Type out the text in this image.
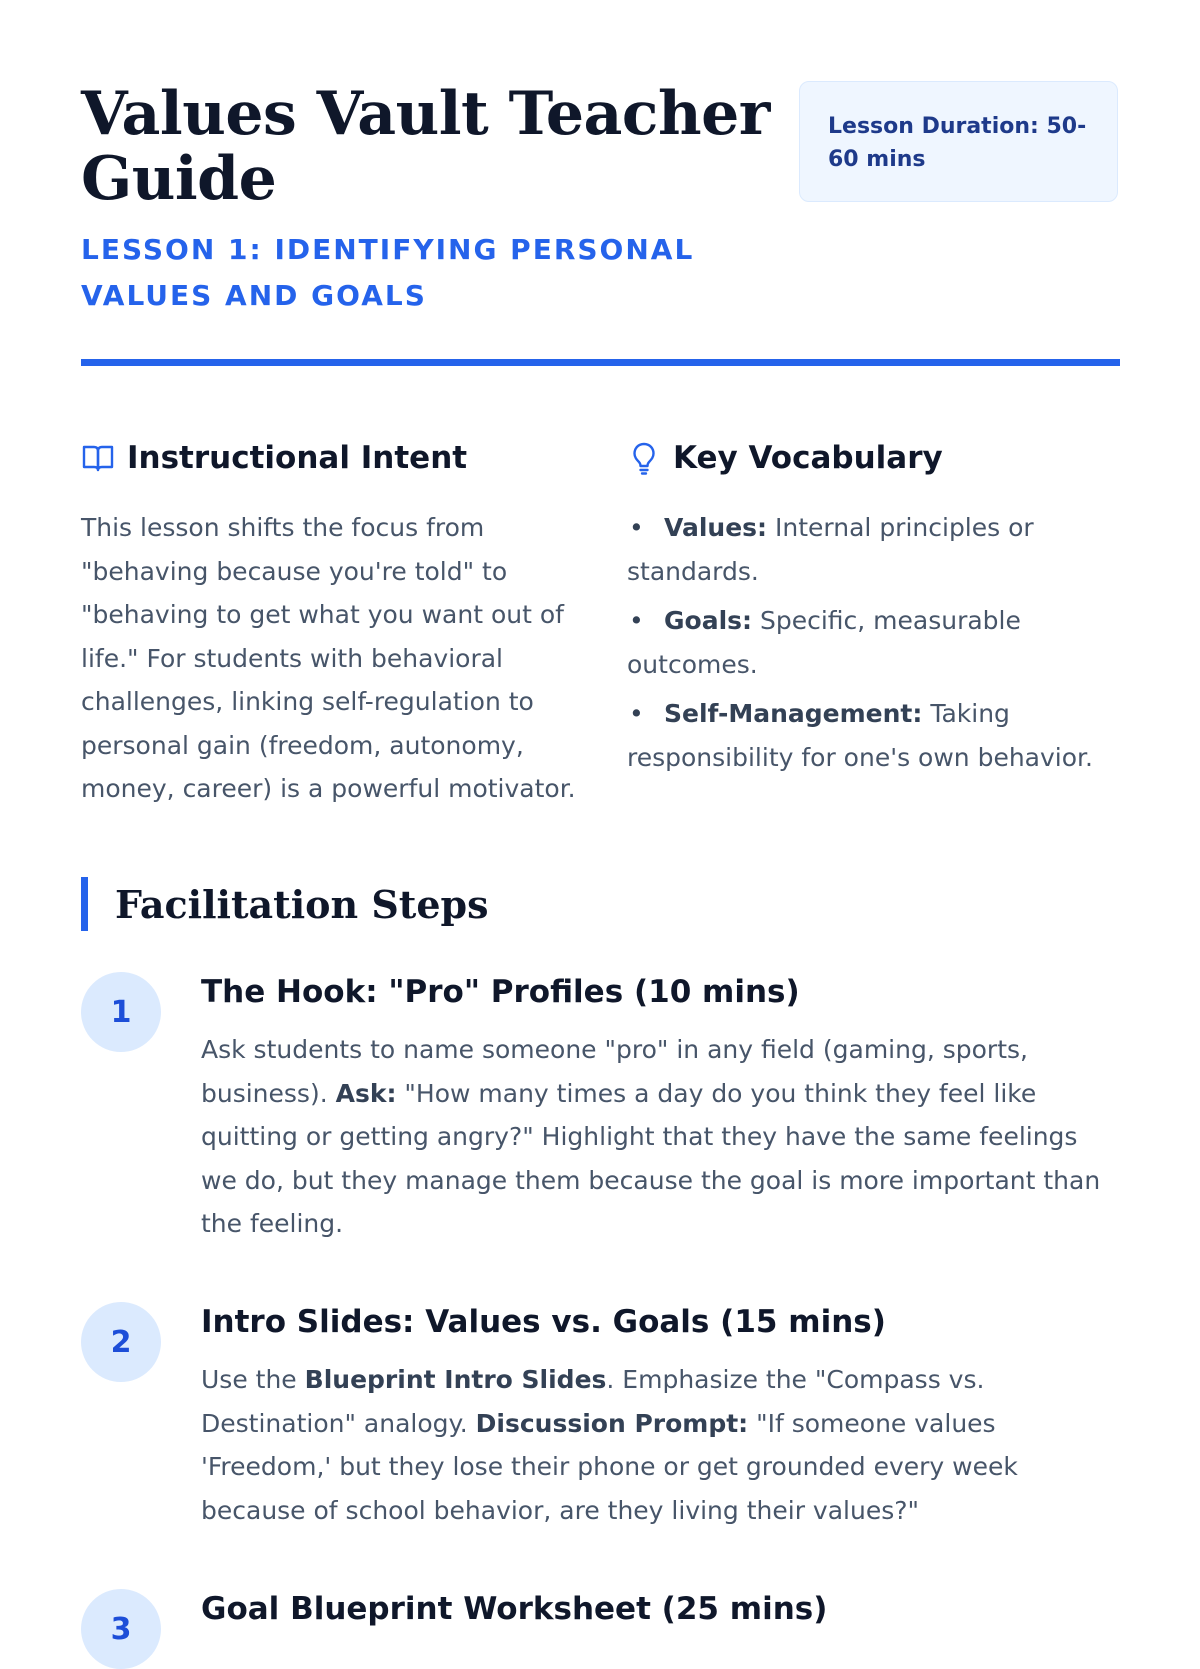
Values Vault Teacher Guide
LESSON 1: IDENTIFYING PERSONAL VALUES AND GOALS
Lesson Duration: 50-60 mins
Instructional Intent
This lesson shifts the focus from "behaving because you're told" to "behaving to get what you want out of life." For students with behavioral challenges, linking self-regulation to personal gain (freedom, autonomy, money, career) is a powerful motivator.
Key Vocabulary
• Values: Internal principles or standards.
• Goals: Specific, measurable outcomes.
• Self-Management: Taking responsibility for one's own behavior.
Facilitation Steps
1
The Hook: "Pro" Profiles (10 mins)
Ask students to name someone "pro" in any field (gaming, sports, business). Ask: "How many times a day do you think they feel like quitting or getting angry?" Highlight that they have the same feelings we do, but they manage them because the goal is more important than the feeling.
2
Intro Slides: Values vs. Goals (15 mins)
Use the Blueprint Intro Slides. Emphasize the "Compass vs. Destination" analogy. Discussion Prompt: "If someone values 'Freedom,' but they lose their phone or get grounded every week because of school behavior, are they living their values?"
3
Goal Blueprint Worksheet (25 mins)
